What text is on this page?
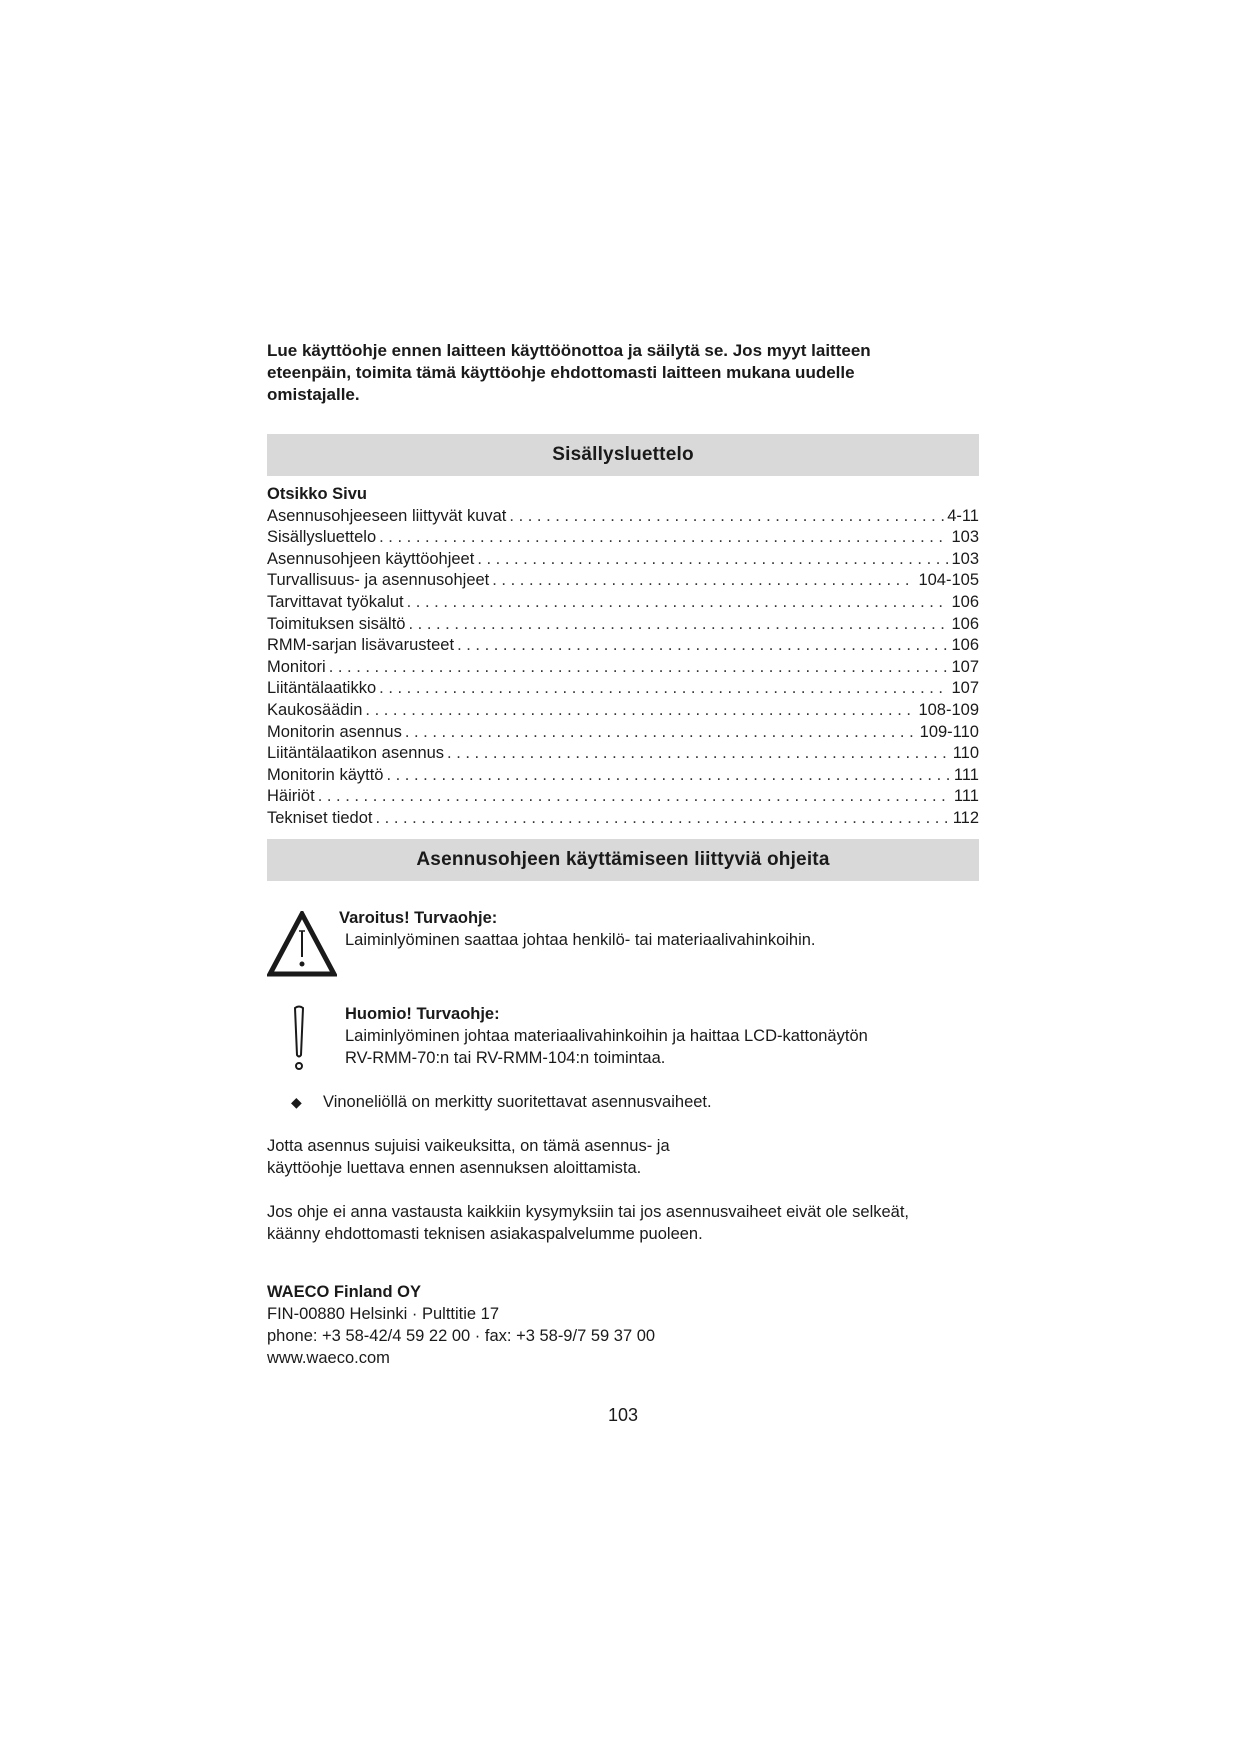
Lue käyttöohje ennen laitteen käyttöönottoa ja säilytä se. Jos myyt laitteen
eteenpäin, toimita tämä käyttöohje ehdottomasti laitteen mukana uudelle
omistajalle.
Sisällysluettelo
Otsikko Sivu
Asennusohjeeseen liittyvät kuvat . . .	4-11
Sisällysluettelo . . .	103
Asennusohjeen käyttöohjeet . . .	103
Turvallisuus- ja asennusohjeet . . .	104-105
Tarvittavat työkalut . . .	106
Toimituksen sisältö . . .	106
RMM-sarjan lisävarusteet . . .	106
Monitori . . .	107
Liitäntälaatikko . . .	107
Kaukosäädin . . .	108-109
Monitorin asennus . . .	109-110
Liitäntälaatikon asennus . . .	110
Monitorin käyttö . . .	111
Häiriöt . . .	111
Tekniset tiedot . . .	112
Asennusohjeen käyttämiseen liittyviä ohjeita
Varoitus! Turvaohje:
Laiminlyöminen saattaa johtaa henkilö- tai materiaalivahinkoihin.
Huomio! Turvaohje:
Laiminlyöminen johtaa materiaalivahinkoihin ja haittaa LCD-kattonäytön
RV-RMM-70:n tai RV-RMM-104:n toimintaa.
◆	Vinoneliöllä on merkitty suoritettavat asennusvaiheet.

Jotta asennus sujuisi vaikeuksitta, on tämä asennus- ja

käyttöohje luettava ennen asennuksen aloittamista.

Jos ohje ei anna vastausta kaikkiin kysymyksiin tai jos asennusvaiheet eivät ole selkeät,

käänny ehdottomasti teknisen asiakaspalvelumme puoleen.

WAECO Finland OY
FIN-00880 Helsinki · Pulttitie 17
phone: +3 58-42/4 59 22 00 · fax: +3 58-9/7 59 37 00
www.waeco.com
103
